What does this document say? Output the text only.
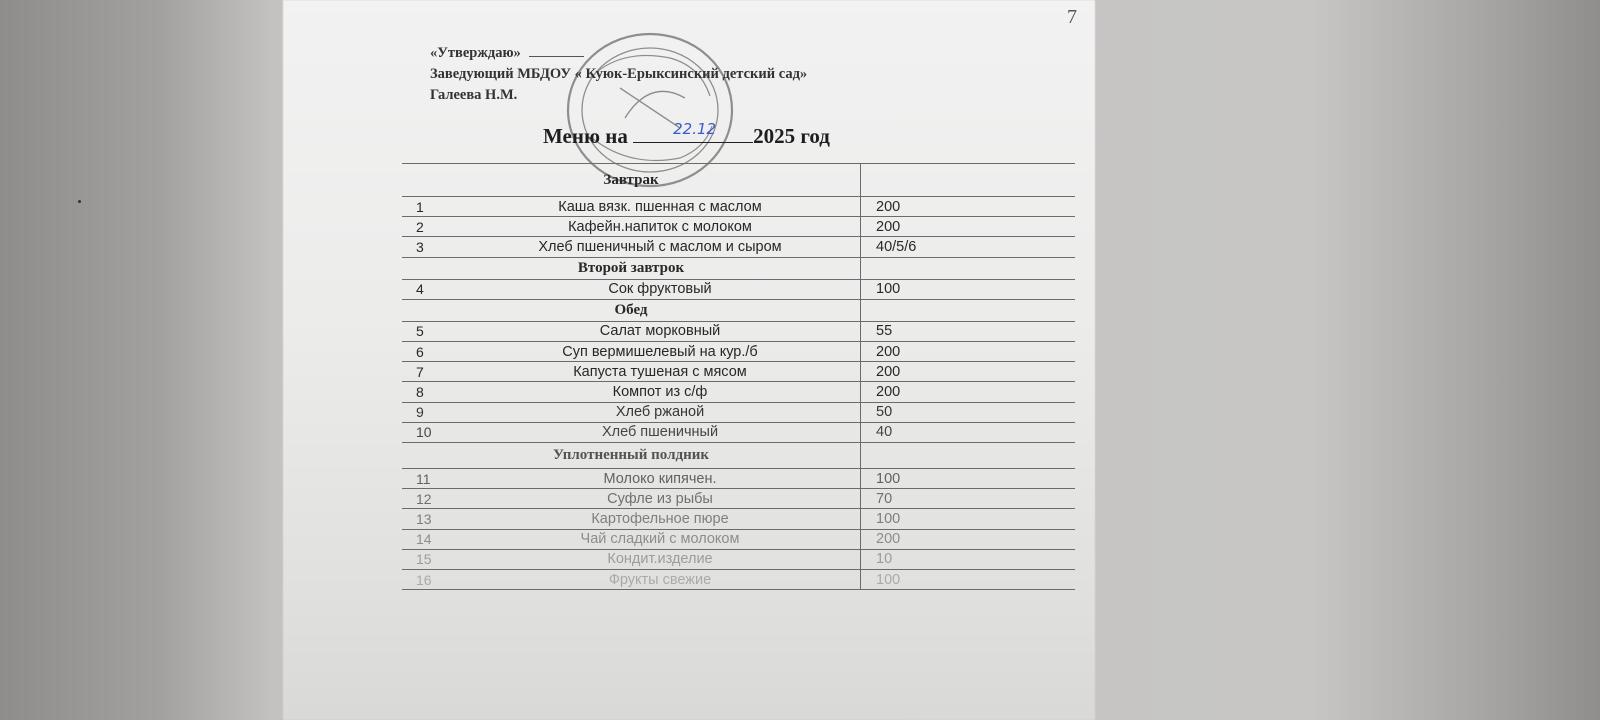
7
«Утверждаю»
Заведующий МБДОУ « Куюк-Ерыксинский детский сад»
Галеева Н.М.
Меню на	22.12 2025 год
Завтрак
1	Каша вязк. пшенная с маслом	200
2	Кафейн.напиток с молоком	200
3	Хлеб пшеничный с маслом и сыром	40/5/6
Второй завтрок
4	Сок фруктовый	100
Обед
5	Салат морковный	55
6	Суп вермишелевый на кур./б	200
7	Капуста тушеная с мясом	200
8	Компот из с/ф	200
9	Хлеб ржаной	50
10	Хлеб пшеничный	40
Уплотненный полдник
11	Молоко кипячен.	100
12	Суфле из рыбы	70
13	Картофельное пюре	100
14	Чай сладкий с молоком	200
15	Кондит.изделие	10
16	Фрукты свежие	100
